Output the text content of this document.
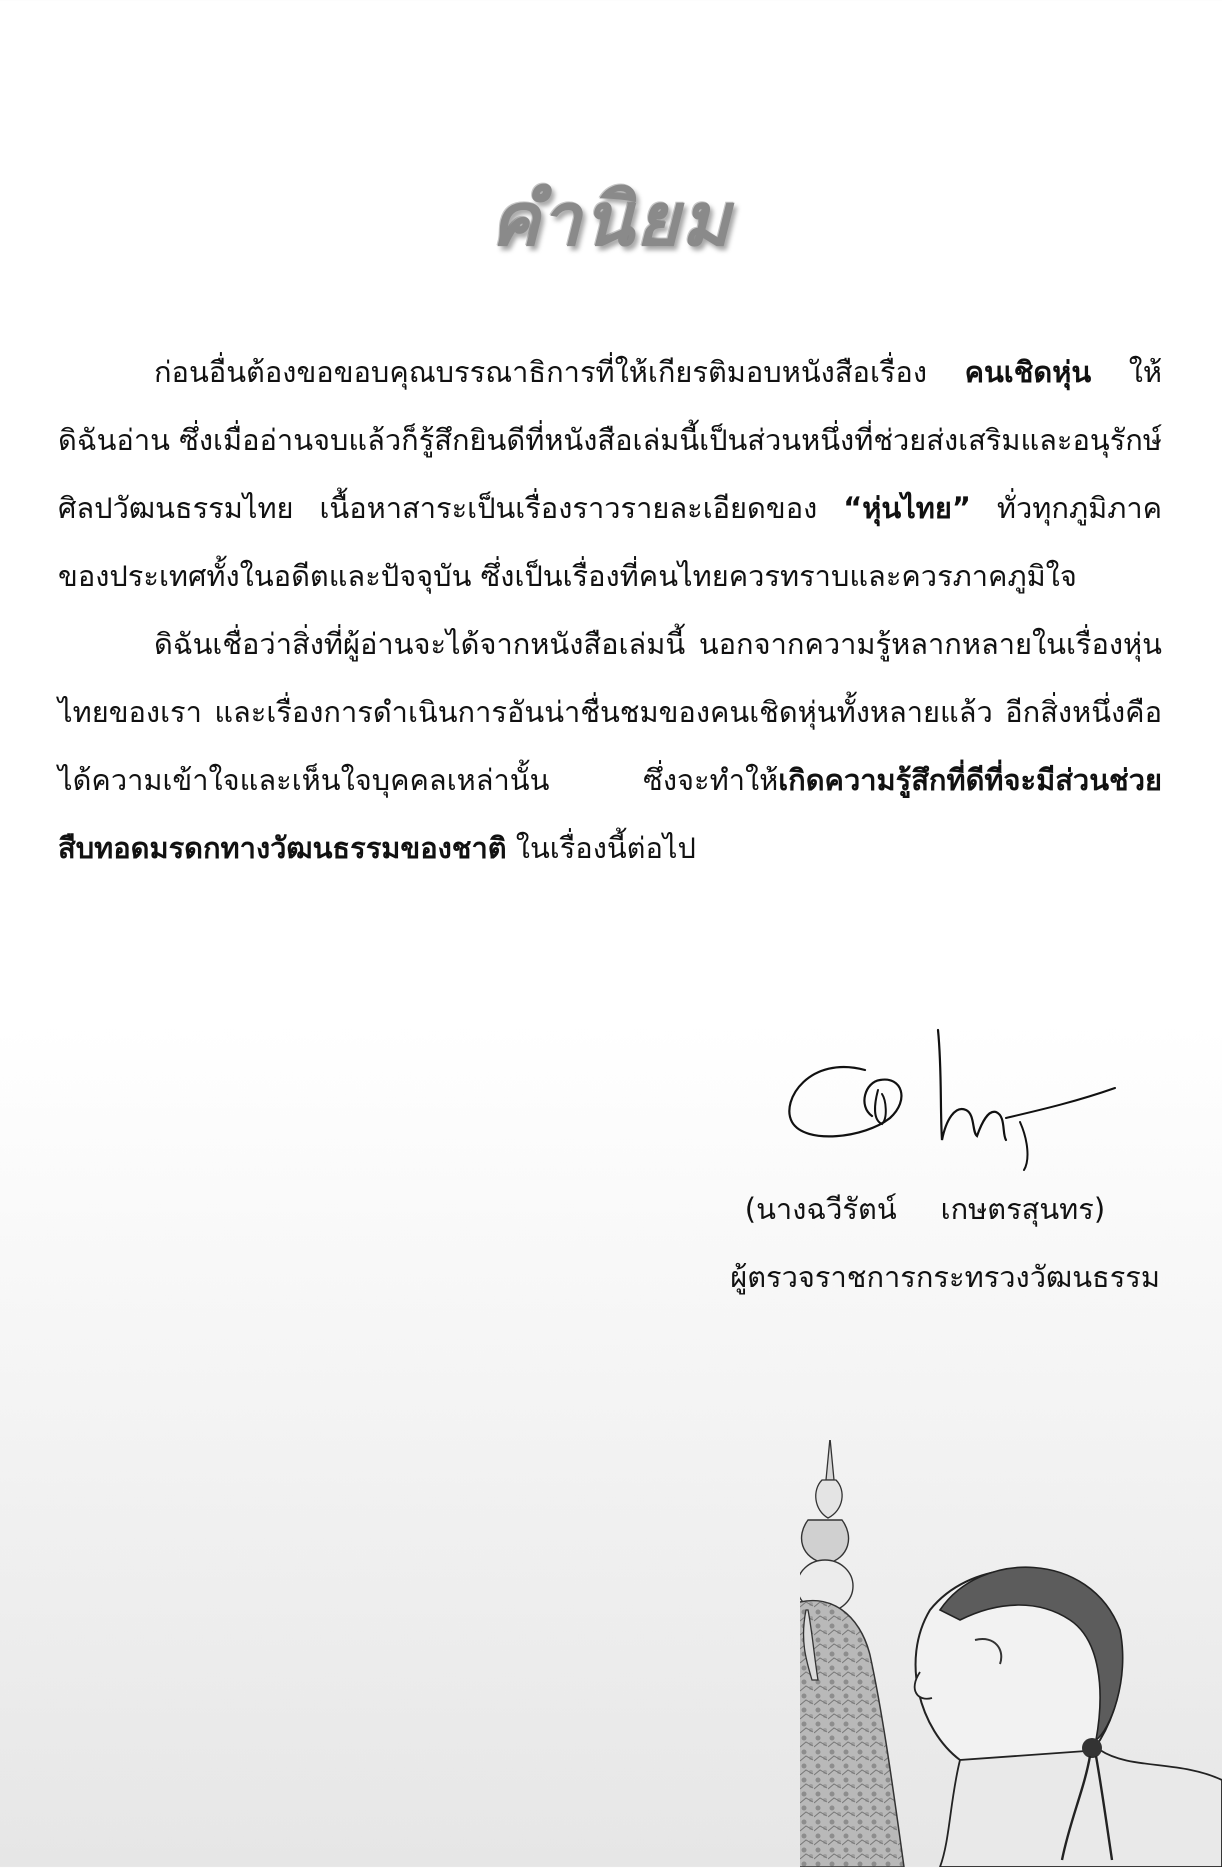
คำนิยม

ก่อนอื่นต้องขอขอบคุณบรรณาธิการที่ให้เกียรติมอบหนังสือเรื่อง คนเชิดหุ่น ให้ดิฉันอ่าน ซึ่งเมื่ออ่านจบแล้วก็รู้สึกยินดีที่หนังสือเล่มนี้เป็นส่วนหนึ่งที่ช่วยส่งเสริมและอนุรักษ์ศิลปวัฒนธรรมไทย เนื้อหาสาระเป็นเรื่องราวรายละเอียดของ “หุ่นไทย” ทั่วทุกภูมิภาคของประเทศทั้งในอดีตและปัจจุบัน ซึ่งเป็นเรื่องที่คนไทยควรทราบและควรภาคภูมิใจ

ดิฉันเชื่อว่าสิ่งที่ผู้อ่านจะได้จากหนังสือเล่มนี้ นอกจากความรู้หลากหลายในเรื่องหุ่นไทยของเรา และเรื่องการดำเนินการอันน่าชื่นชมของคนเชิดหุ่นทั้งหลายแล้ว อีกสิ่งหนึ่งคือได้ความเข้าใจและเห็นใจบุคคลเหล่านั้น ซึ่งจะทำให้เกิดความรู้สึกที่ดีที่จะมีส่วนช่วยสืบทอดมรดกทางวัฒนธรรมของชาติ ในเรื่องนี้ต่อไป

(นางฉวีรัตน์ เกษตรสุนทร)
ผู้ตรวจราชการกระทรวงวัฒนธรรม
